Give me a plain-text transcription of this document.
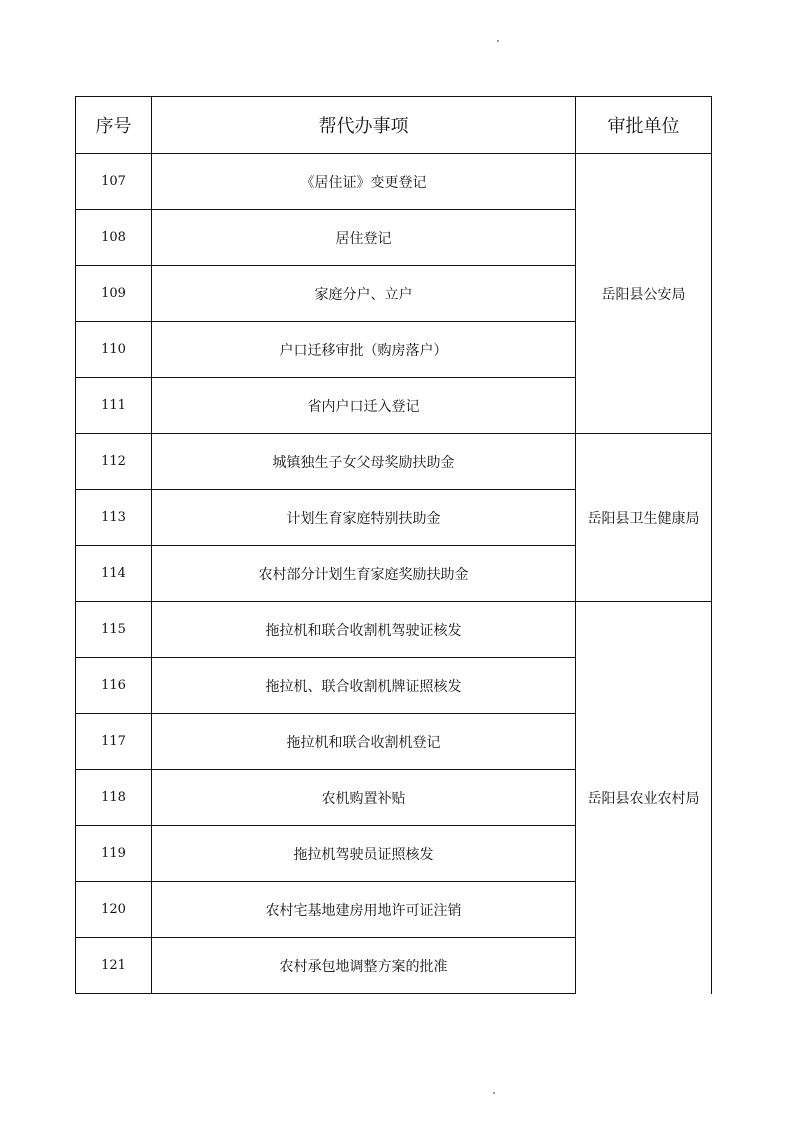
序号	帮代办事项	审批单位
107	《居住证》变更登记	岳阳县公安局
108	居住登记	
109	家庭分户、立户	
110	户口迁移审批（购房落户）	
111	省内户口迁入登记	
112	城镇独生子女父母奖励扶助金	岳阳县卫生健康局
113	计划生育家庭特别扶助金	
114	农村部分计划生育家庭奖励扶助金	
115	拖拉机和联合收割机驾驶证核发	岳阳县农业农村局
116	拖拉机、联合收割机牌证照核发	
117	拖拉机和联合收割机登记	
118	农机购置补贴	
119	拖拉机驾驶员证照核发	
120	农村宅基地建房用地许可证注销	
121	农村承包地调整方案的批准	
